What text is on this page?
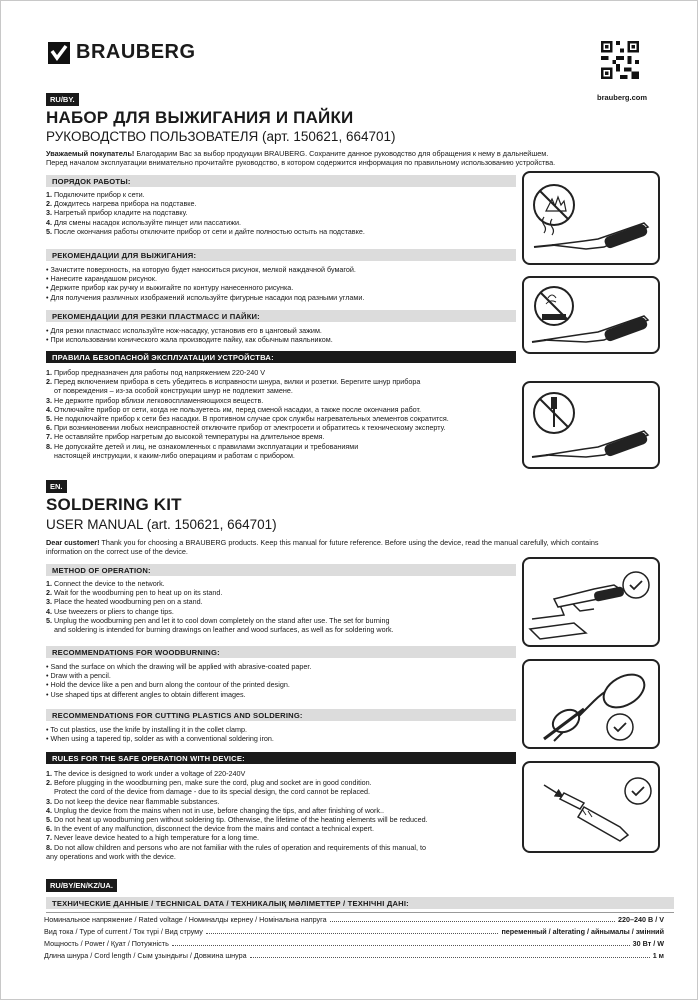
BRAUBERG
brauberg.com
RU/BY.
НАБОР ДЛЯ ВЫЖИГАНИЯ И ПАЙКИ
РУКОВОДСТВО ПОЛЬЗОВАТЕЛЯ (арт. 150621, 664701)
Уважаемый покупатель! Благодарим Вас за выбор продукции BRAUBERG. Сохраните данное руководство для обращения к нему в дальнейшем.
Перед началом эксплуатации внимательно прочитайте руководство, в котором содержится информация по правильному использованию устройства.
ПОРЯДОК РАБОТЫ:
1. Подключите прибор к сети.
2. Дождитесь нагрева прибора на подставке.
3. Нагретый прибор кладите на подставку.
4. Для смены насадок используйте пинцет или пассатижи.
5. После окончания работы отключите прибор от сети и дайте полностью остыть на подставке.
РЕКОМЕНДАЦИИ ДЛЯ ВЫЖИГАНИЯ:
• Зачистите поверхность, на которую будет наноситься рисунок, мелкой наждачной бумагой.
• Нанесите карандашом рисунок.
• Держите прибор как ручку и выжигайте по контуру нанесенного рисунка.
• Для получения различных изображений используйте фигурные насадки под разными углами.
РЕКОМЕНДАЦИИ ДЛЯ РЕЗКИ ПЛАСТМАСС И ПАЙКИ:
• Для резки пластмасс используйте нож-насадку, установив его в цанговый зажим.
• При использовании конического жала производите пайку, как обычным паяльником.
ПРАВИЛА БЕЗОПАСНОЙ ЭКСПЛУАТАЦИИ УСТРОЙСТВА:
1. Прибор предназначен для работы под напряжением 220-240 V
2. Перед включением прибора в сеть убедитесь в исправности шнура, вилки и розетки. Берегите шнур прибора
от повреждения – из-за особой конструкции шнур не подлежит замене.
3. Не держите прибор вблизи легковоспламеняющихся веществ.
4. Отключайте прибор от сети, когда не пользуетесь им, перед сменой насадки, а также после окончания работ.
5. Не подключайте прибор к сети без насадки. В противном случае срок службы нагревательных элементов сократится.
6. При возникновении любых неисправностей отключите прибор от электросети и обратитесь к техническому эксперту.
7. Не оставляйте прибор нагретым до высокой температуры на длительное время.
8. Не допускайте детей и лиц, не ознакомленных с правилами эксплуатации и требованиями
настоящей инструкции, к каким-либо операциям и работам с прибором.
EN.
SOLDERING KIT
USER MANUAL (art. 150621, 664701)
Dear customer! Thank you for choosing a BRAUBERG products. Keep this manual for future reference. Before using the device, read the manual carefully, which contains
information on the correct use of the device.
METHOD OF OPERATION:
1. Connect the device to the network.
2. Wait for the woodburning pen to heat up on its stand.
3. Place the heated woodburning pen on a stand.
4. Use tweezers or pliers to change tips.
5. Unplug the woodburning pen and let it to cool down completely on the stand after use. The set for burning
and soldering is intended for burning drawings on leather and wood surfaces, as well as for soldering work.
RECOMMENDATIONS FOR WOODBURNING:
• Sand the surface on which the drawing will be applied with abrasive-coated paper.
• Draw with a pencil.
• Hold the device like a pen and burn along the contour of the printed design.
• Use shaped tips at different angles to obtain different images.
RECOMMENDATIONS FOR CUTTING PLASTICS AND SOLDERING:
• To cut plastics, use the knife by installing it in the collet clamp.
• When using a tapered tip, solder as with a conventional soldering iron.
RULES FOR THE SAFE OPERATION WITH DEVICE:
1. The device is designed to work under a voltage of 220-240V
2. Before plugging in the woodburning pen, make sure the cord, plug and socket are in good condition.
Protect the cord of the device from damage - due to its special design, the cord cannot be replaced.
3. Do not keep the device near flammable substances.
4. Unplug the device from the mains when not in use, before changing the tips, and after finishing of work..
5. Do not heat up woodburning pen without soldering tip. Otherwise, the lifetime of the heating elements will be reduced.
6. In the event of any malfunction, disconnect the device from the mains and contact a technical expert.
7. Never leave device heated to a high temperature for a long time.
8. Do not allow children and persons who are not familiar with the rules of operation and requirements of this manual, to
any operations and work with the device.
RU/BY/EN/KZ/UA.
ТЕХНИЧЕСКИЕ ДАННЫЕ / TECHNICAL DATA / ТЕХНИКАЛЫҚ МӘЛІМЕТТЕР / ТЕХНІЧНІ ДАНІ:
Номинальное напряжение / Rated voltage / Номиналды кернеу / Номінальна напруга	220–240 В / V
Вид тока / Type of current / Ток түрі / Вид струму	переменный / alterating / айнымалы / змінний
Мощность / Power / Қуат / Потужність	30 Вт / W
Длина шнура / Cord length / Сым ұзындығы / Довжина шнура	1 м
